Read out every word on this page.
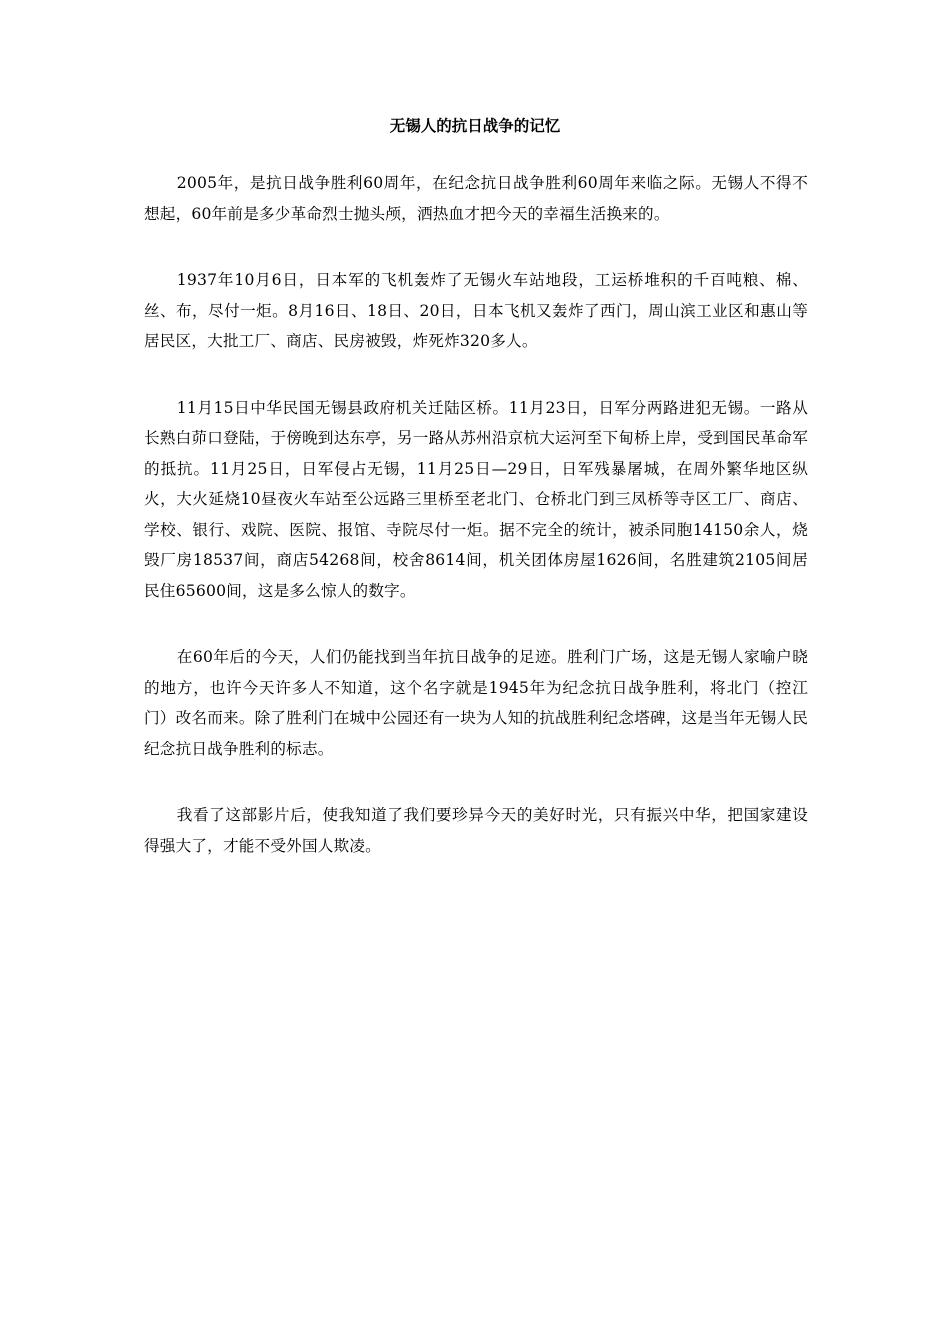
无锡人的抗日战争的记忆

2005年，是抗日战争胜利60周年，在纪念抗日战争胜利60周年来临之际。无锡人不得不想起，60年前是多少革命烈士抛头颅，洒热血才把今天的幸福生活换来的。

1937年10月6日，日本军的飞机轰炸了无锡火车站地段，工运桥堆积的千百吨粮、棉、丝、布，尽付一炬。8月16日、18日、20日，日本飞机又轰炸了西门，周山滨工业区和惠山等居民区，大批工厂、商店、民房被毁，炸死炸320多人。

11月15日中华民国无锡县政府机关迁陆区桥。11月23日，日军分两路进犯无锡。一路从长熟白茆口登陆，于傍晚到达东亭，另一路从苏州沿京杭大运河至下甸桥上岸，受到国民革命军的抵抗。11月25日，日军侵占无锡，11月25日—29日，日军残暴屠城，在周外繁华地区纵火，大火延烧10昼夜火车站至公远路三里桥至老北门、仓桥北门到三凤桥等寺区工厂、商店、学校、银行、戏院、医院、报馆、寺院尽付一炬。据不完全的统计，被杀同胞14150余人，烧毁厂房18537间，商店54268间，校舍8614间，机关团体房屋1626间，名胜建筑2105间居民住65600间，这是多么惊人的数字。

在60年后的今天，人们仍能找到当年抗日战争的足迹。胜利门广场，这是无锡人家喻户晓的地方，也许今天许多人不知道，这个名字就是1945年为纪念抗日战争胜利，将北门（控江门）改名而来。除了胜利门在城中公园还有一块为人知的抗战胜利纪念塔碑，这是当年无锡人民纪念抗日战争胜利的标志。

我看了这部影片后，使我知道了我们要珍异今天的美好时光，只有振兴中华，把国家建设得强大了，才能不受外国人欺凌。
